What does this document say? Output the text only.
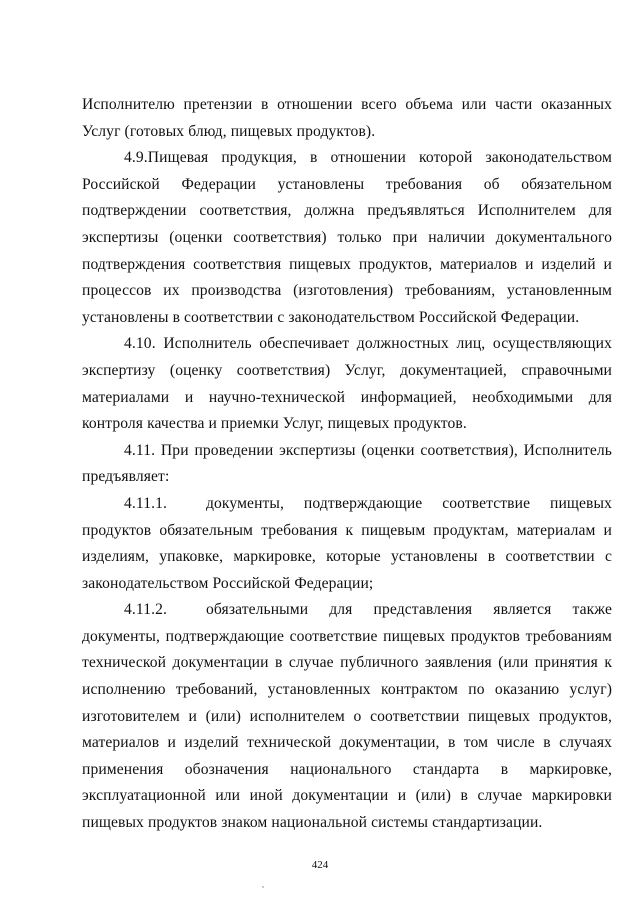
Исполнителю претензии в отношении всего объема или части оказанных Услуг (готовых блюд, пищевых продуктов).

4.9.Пищевая продукция, в отношении которой законодательством Российской Федерации установлены требования об обязательном подтверждении соответствия, должна предъявляться Исполнителем для экспертизы (оценки соответствия) только при наличии документального подтверждения соответствия пищевых продуктов, материалов и изделий и процессов их производства (изготовления) требованиям, установленным установлены в соответствии с законодательством Российской Федерации.

4.10. Исполнитель обеспечивает должностных лиц, осуществляющих экспертизу (оценку соответствия) Услуг, документацией, справочными материалами и научно-технической информацией, необходимыми для контроля качества и приемки Услуг, пищевых продуктов.

4.11. При проведении экспертизы (оценки соответствия), Исполнитель предъявляет:

4.11.1. документы, подтверждающие соответствие пищевых продуктов обязательным требования к пищевым продуктам, материалам и изделиям, упаковке, маркировке, которые установлены в соответствии с законодательством Российской Федерации;

4.11.2. обязательными для представления является также документы, подтверждающие соответствие пищевых продуктов требованиям технической документации в случае публичного заявления (или принятия к исполнению требований, установленных контрактом по оказанию услуг) изготовителем и (или) исполнителем о соответствии пищевых продуктов, материалов и изделий технической документации, в том числе в случаях применения обозначения национального стандарта в маркировке, эксплуатационной или иной документации и (или) в случае маркировки пищевых продуктов знаком национальной системы стандартизации.

424
